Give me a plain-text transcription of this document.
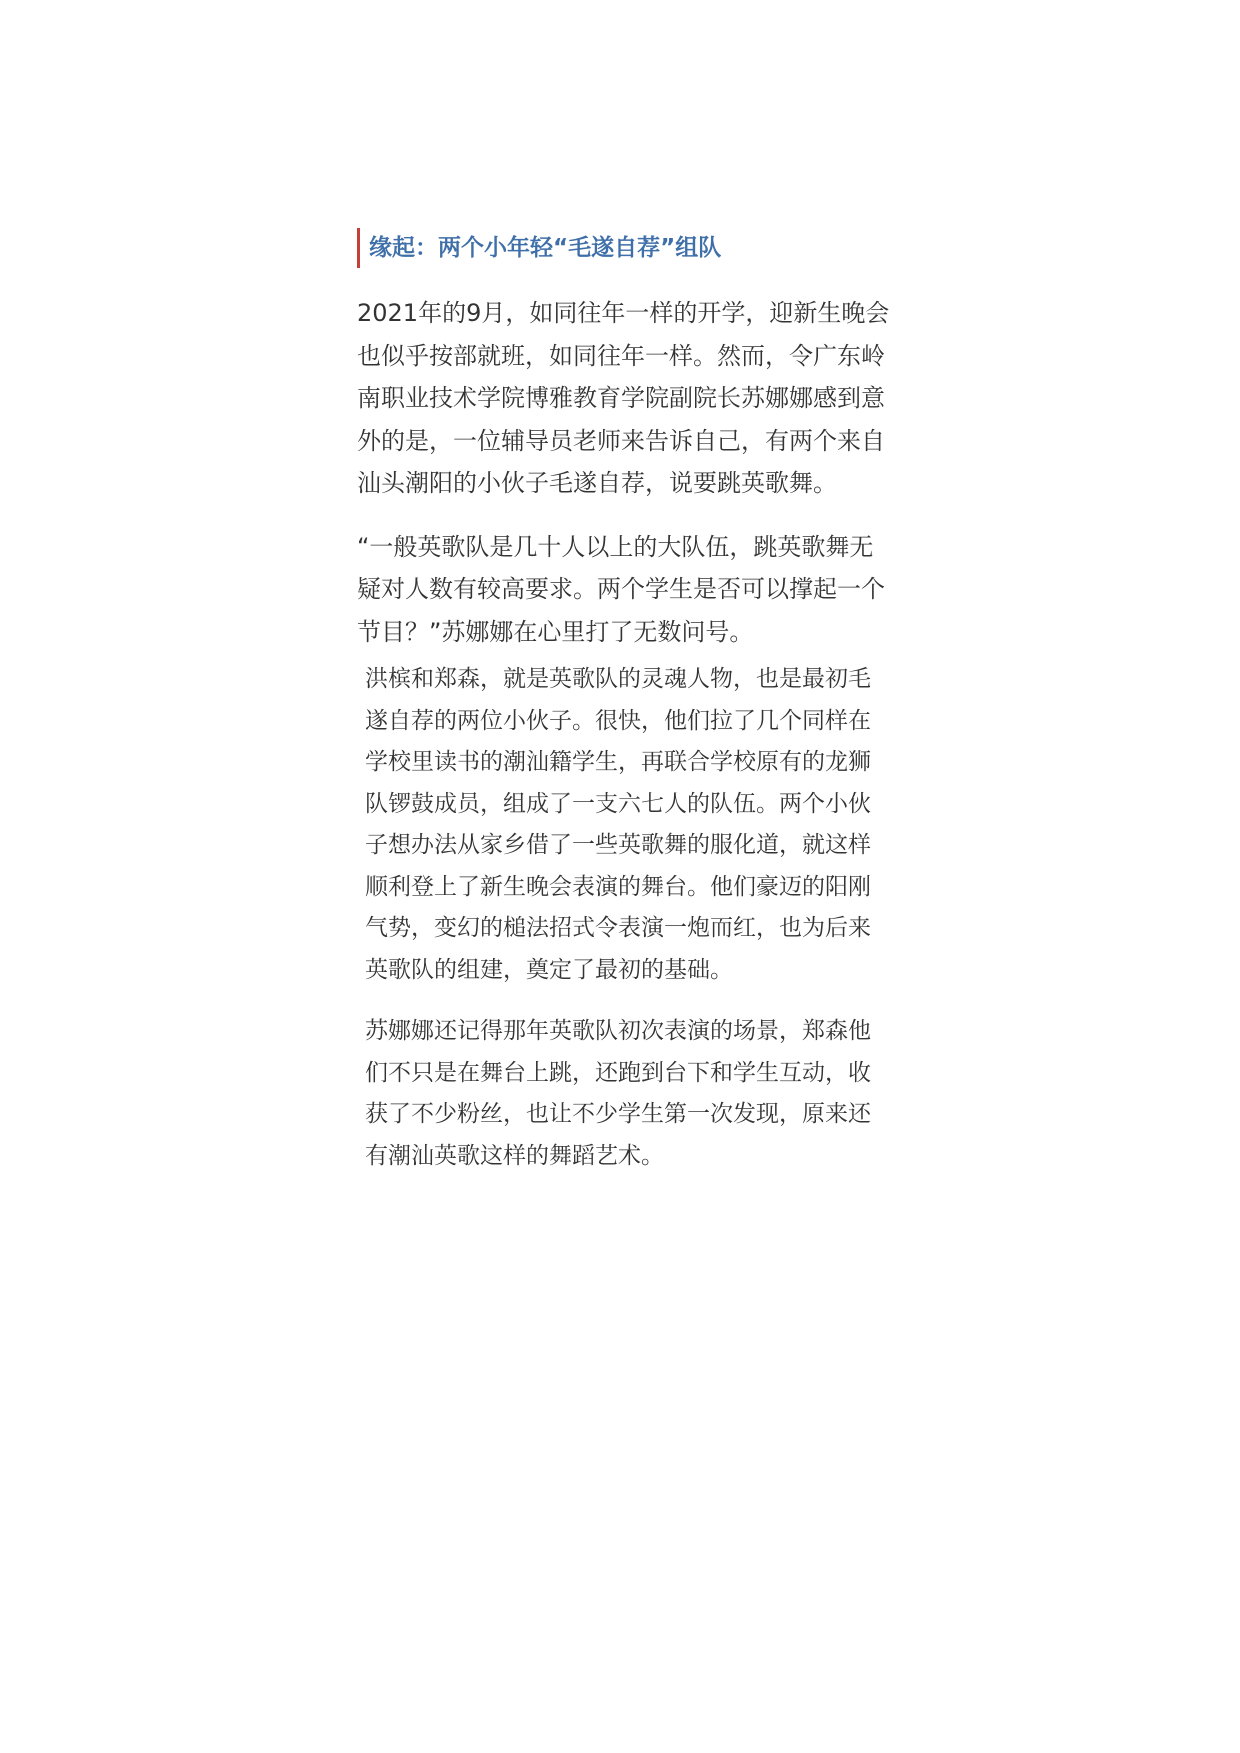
缘起：两个小年轻“毛遂自荐”组队

2021年的9月，如同往年一样的开学，迎新生晚会也似乎按部就班，如同往年一样。然而，令广东岭南职业技术学院博雅教育学院副院长苏娜娜感到意外的是，一位辅导员老师来告诉自己，有两个来自汕头潮阳的小伙子毛遂自荐，说要跳英歌舞。

“一般英歌队是几十人以上的大队伍，跳英歌舞无疑对人数有较高要求。两个学生是否可以撑起一个节目？”苏娜娜在心里打了无数问号。

洪槟和郑森，就是英歌队的灵魂人物，也是最初毛遂自荐的两位小伙子。很快，他们拉了几个同样在学校里读书的潮汕籍学生，再联合学校原有的龙狮队锣鼓成员，组成了一支六七人的队伍。两个小伙子想办法从家乡借了一些英歌舞的服化道，就这样顺利登上了新生晚会表演的舞台。他们豪迈的阳刚气势，变幻的槌法招式令表演一炮而红，也为后来英歌队的组建，奠定了最初的基础。

苏娜娜还记得那年英歌队初次表演的场景，郑森他们不只是在舞台上跳，还跑到台下和学生互动，收获了不少粉丝，也让不少学生第一次发现，原来还有潮汕英歌这样的舞蹈艺术。
